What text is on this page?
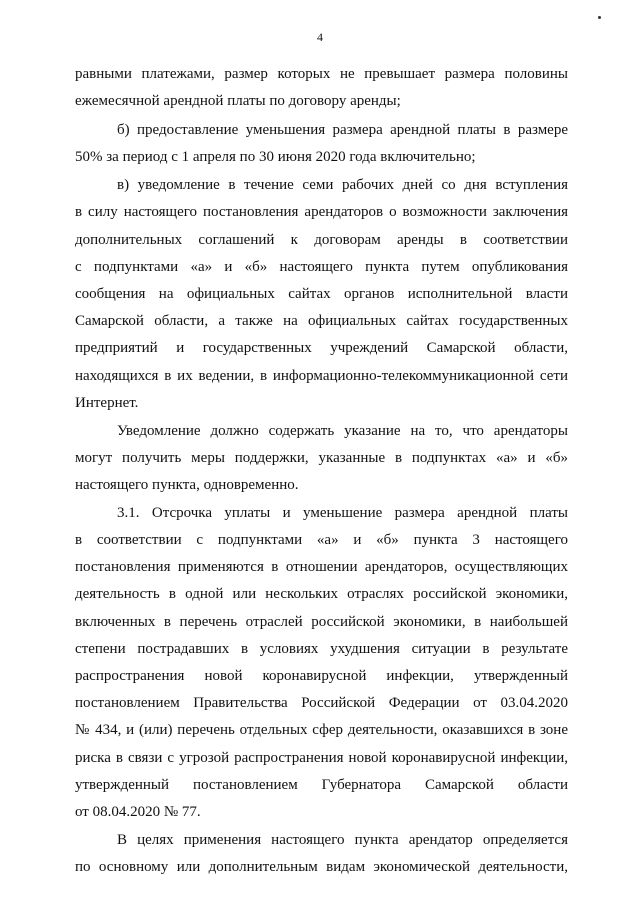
4
равными платежами, размер которых не превышает размера половины
ежемесячной арендной платы по договору аренды;
б) предоставление уменьшения размера арендной платы в размере
50% за период с 1 апреля по 30 июня 2020 года включительно;
в) уведомление в течение семи рабочих дней со дня вступления
в силу настоящего постановления арендаторов о возможности заключения
дополнительных соглашений к договорам аренды в соответствии
с подпунктами «а» и «б» настоящего пункта путем опубликования
сообщения на официальных сайтах органов исполнительной власти
Самарской области, а также на официальных сайтах государственных
предприятий и государственных учреждений Самарской области,
находящихся в их ведении, в информационно-телекоммуникационной сети
Интернет.
Уведомление должно содержать указание на то, что арендаторы
могут получить меры поддержки, указанные в подпунктах «а» и «б»
настоящего пункта, одновременно.
3.1. Отсрочка уплаты и уменьшение размера арендной платы
в соответствии с подпунктами «а» и «б» пункта 3 настоящего
постановления применяются в отношении арендаторов, осуществляющих
деятельность в одной или нескольких отраслях российской экономики,
включенных в перечень отраслей российской экономики, в наибольшей
степени пострадавших в условиях ухудшения ситуации в результате
распространения новой коронавирусной инфекции, утвержденный
постановлением Правительства Российской Федерации от 03.04.2020
№ 434, и (или) перечень отдельных сфер деятельности, оказавшихся в зоне
риска в связи с угрозой распространения новой коронавирусной инфекции,
утвержденный постановлением Губернатора Самарской области
от 08.04.2020 № 77.
В целях применения настоящего пункта арендатор определяется
по основному или дополнительным видам экономической деятельности,
